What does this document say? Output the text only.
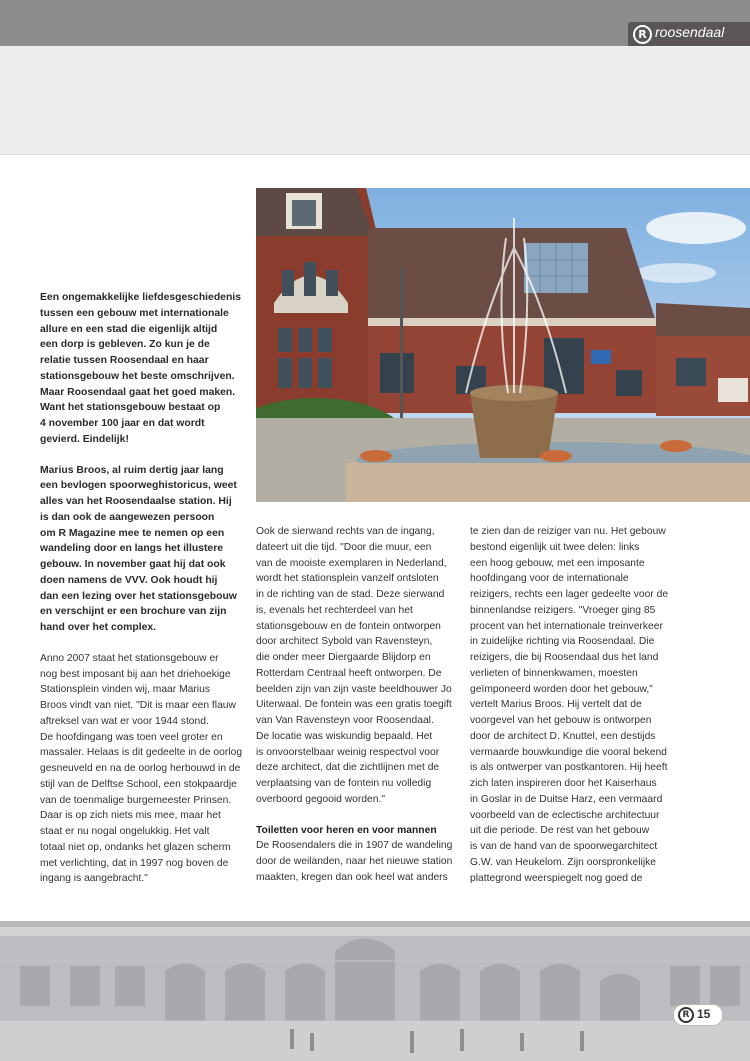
R roosendaal

Een ongemakkelijke liefdesgeschiedenis

tussen een gebouw met internationale

allure en een stad die eigenlijk altijd

een dorp is gebleven. Zo kun je de

relatie tussen Roosendaal en haar

stationsgebouw het beste omschrijven.

Maar Roosendaal gaat het goed maken.

Want het stationsgebouw bestaat op

4 november 100 jaar en dat wordt

gevierd. Eindelijk!

Marius Broos, al ruim dertig jaar lang

een bevlogen spoorweghistoricus, weet

alles van het Roosendaalse station. Hij

is dan ook de aangewezen persoon

om R Magazine mee te nemen op een

wandeling door en langs het illustere

gebouw. In november gaat hij dat ook

doen namens de VVV. Ook houdt hij

dan een lezing over het stationsgebouw

en verschijnt er een brochure van zijn

hand over het complex.

Anno 2007 staat het stationsgebouw er

nog best imposant bij aan het driehoekige

Stationsplein vinden wij, maar Marius

Broos vindt van niet. "Dit is maar een flauw

aftreksel van wat er voor 1944 stond.

De hoofdingang was toen veel groter en

massaler. Helaas is dit gedeelte in de oorlog

gesneuveld en na de oorlog herbouwd in de

stijl van de Delftse School, een stokpaardje

van de toenmalige burgemeester Prinsen.

Daar is op zich niets mis mee, maar het

staat er nu nogal ongelukkig. Het valt

totaal niet op, ondanks het glazen scherm

met verlichting, dat in 1997 nog boven de

ingang is aangebracht."

Ook de sierwand rechts van de ingang,

dateert uit die tijd. "Door die muur, een

van de mooiste exemplaren in Nederland,

wordt het stationsplein vanzelf ontsloten

in de richting van de stad. Deze sierwand

is, evenals het rechterdeel van het

stationsgebouw en de fontein ontworpen

door architect Sybold van Ravensteyn,

die onder meer Diergaarde Blijdorp en

Rotterdam Centraal heeft ontworpen. De

beelden zijn van zijn vaste beeldhouwer Jo

Uiterwaal. De fontein was een gratis toegift

van Van Ravensteyn voor Roosendaal.

De locatie was wiskundig bepaald. Het

is onvoorstelbaar weinig respectvol voor

deze architect, dat die zichtlijnen met de

verplaatsing van de fontein nu volledig

overboord gegooid worden."

Toiletten voor heren en voor mannen

De Roosendalers die in 1907 de wandeling

door de weilanden, naar het nieuwe station

maakten, kregen dan ook heel wat anders

te zien dan de reiziger van nu. Het gebouw

bestond eigenlijk uit twee delen: links

een hoog gebouw, met een imposante

hoofdingang voor de internationale

reizigers, rechts een lager gedeelte voor de

binnenlandse reizigers. "Vroeger ging 85

procent van het internationale treinverkeer

in zuidelijke richting via Roosendaal. Die

reizigers, die bij Roosendaal dus het land

verlieten of binnenkwamen, moesten

geïmponeerd worden door het gebouw,"

vertelt Marius Broos. Hij vertelt dat de

voorgevel van het gebouw is ontworpen

door de architect D. Knuttel, een destijds

vermaarde bouwkundige die vooral bekend

is als ontwerper van postkantoren. Hij heeft

zich laten inspireren door het Kaiserhaus

in Goslar in de Duitse Harz, een vermaard

voorbeeld van de eclectische architectuur

uit die periode. De rest van het gebouw

is van de hand van de spoorwegarchitect

G.W. van Heukelom. Zijn oorspronkelijke

plattegrond weerspiegelt nog goed de

R 15
